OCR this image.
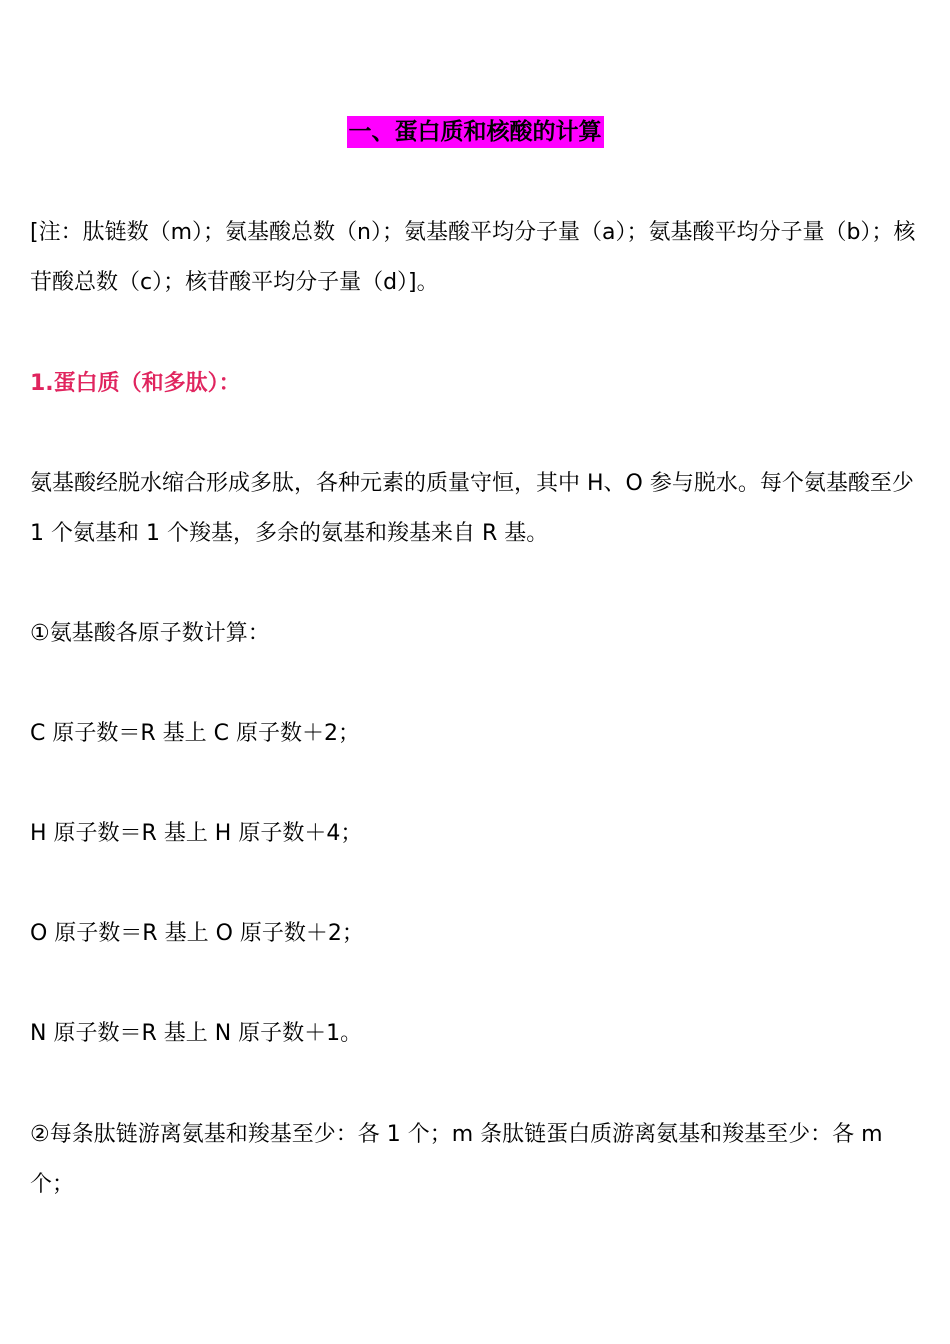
一、蛋白质和核酸的计算
[注：肽链数（m）；氨基酸总数（n）；氨基酸平均分子量（a）；氨基酸平均分子量（b）；核苷酸总数（c）；核苷酸平均分子量（d）]。
1.蛋白质（和多肽）：
氨基酸经脱水缩合形成多肽，各种元素的质量守恒，其中 H、O 参与脱水。每个氨基酸至少 1 个氨基和 1 个羧基，多余的氨基和羧基来自 R 基。
①氨基酸各原子数计算：
C 原子数＝R 基上 C 原子数＋2；
H 原子数＝R 基上 H 原子数＋4；
O 原子数＝R 基上 O 原子数＋2；
N 原子数＝R 基上 N 原子数＋1。
②每条肽链游离氨基和羧基至少：各 1 个；m 条肽链蛋白质游离氨基和羧基至少：各 m 个；
